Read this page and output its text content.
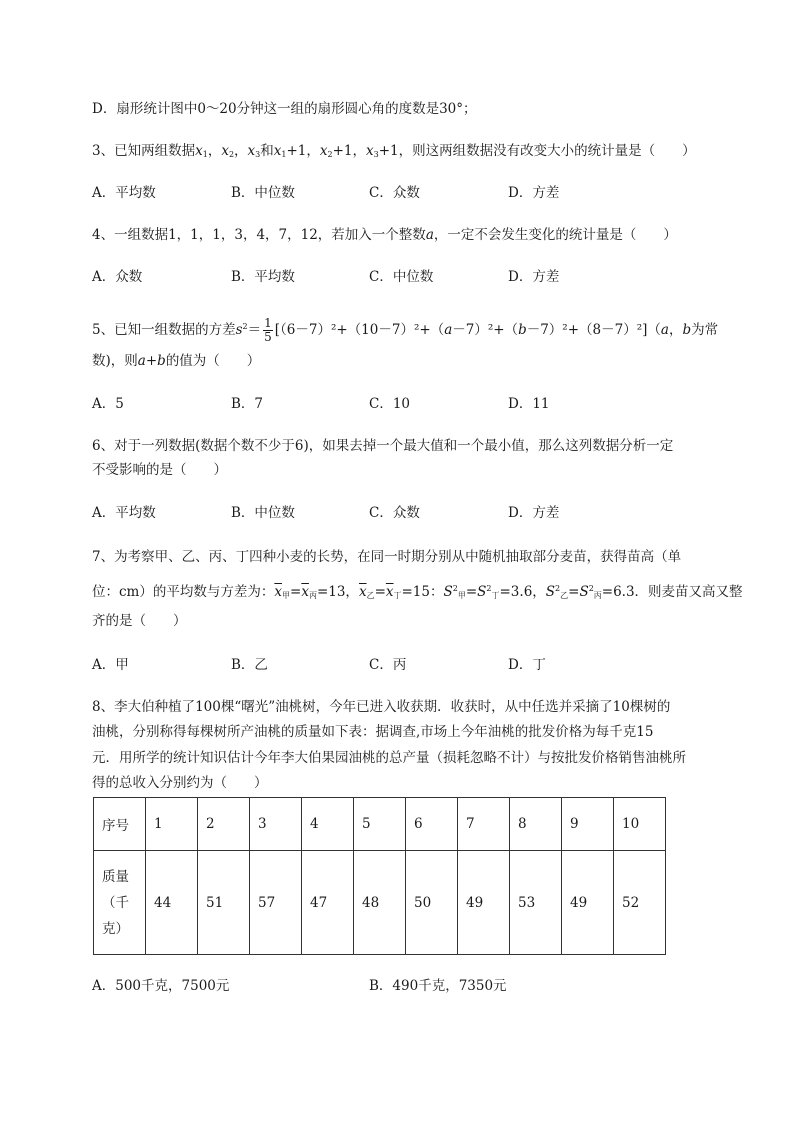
D．扇形统计图中0～20分钟这一组的扇形圆心角的度数是30°；
3、已知两组数据$x_1$，$x_2$，$x_3$和$x_1+1$，$x_2+1$，$x_3+1$，则这两组数据没有改变大小的统计量是（　　）
A．平均数	B．中位数	C．众数	D．方差
4、一组数据1，1，1，3，4，7，12，若加入一个整数a，一定不会发生变化的统计量是（　　）
A．众数	B．平均数	C．中位数	D．方差
5、已知一组数据的方差$s^2= \frac{1}{5} [(6-7)^2+(10-7)^2+(a-7)^2+(b-7)^2+(8-7)^2](a$，b为常
数)，则a+b的值为（　　）
A．5	B．7	C．10	D．11
6、对于一列数据(数据个数不少于6)，如果去掉一个最大值和一个最小值，那么这列数据分析一定
不受影响的是（　　）
A．平均数	B．中位数	C．众数	D．方差
7、为考察甲、乙、丙、丁四种小麦的长势，在同一时期分别从中随机抽取部分麦苗，获得苗高（单
位：cm）的平均数与方差为：$\overline{x}_甲=\overline{x}_丙=13$，$\overline{x}_乙=\overline{x}_丁=15$：$S^2_甲=S^2_丁=3.6$，$S^2_乙=S^2_丙=6.3$．则麦苗又高又整
齐的是（　　）
A．甲	B．乙	C．丙	D．丁
8、李大伯种植了100棵“曙光”油桃树，今年已进入收获期．收获时，从中任选并采摘了10棵树的
油桃，分别称得每棵树所产油桃的质量如下表：据调查,市场上今年油桃的批发价格为每千克15
元．用所学的统计知识估计今年李大伯果园油桃的总产量（损耗忽略不计）与按批发价格销售油桃所
得的总收入分别约为（　　）
序号	1	2	3	4	5	6	7	8	9	10

质量
（千
克）	44	51	57	47	48	50	49	53	49	52
A．500千克，7500元	B．490千克，7350元
